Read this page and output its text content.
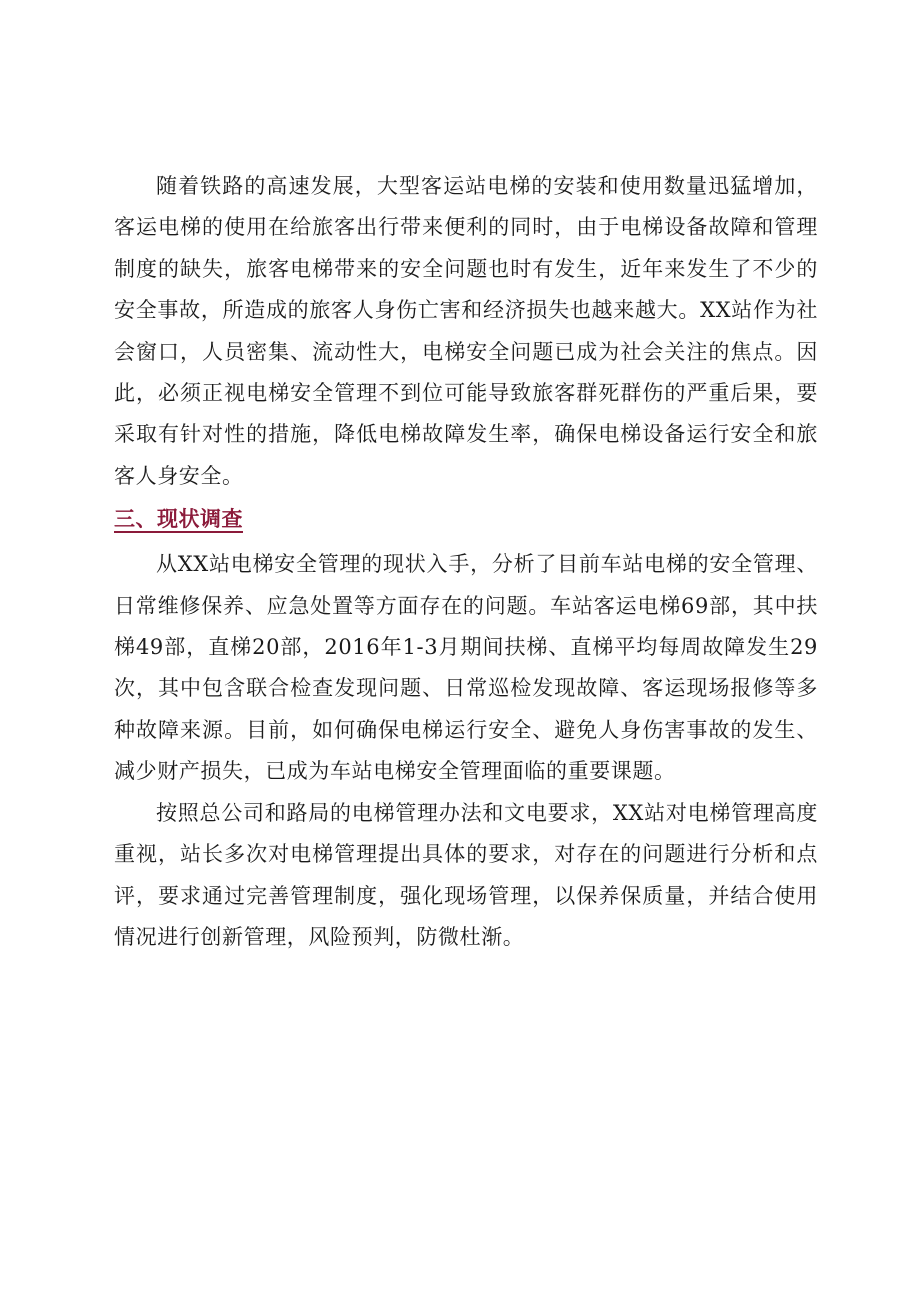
随着铁路的高速发展，大型客运站电梯的安装和使用数量迅猛增加，客运电梯的使用在给旅客出行带来便利的同时，由于电梯设备故障和管理制度的缺失，旅客电梯带来的安全问题也时有发生，近年来发生了不少的安全事故，所造成的旅客人身伤亡害和经济损失也越来越大。XX站作为社会窗口，人员密集、流动性大，电梯安全问题已成为社会关注的焦点。因此，必须正视电梯安全管理不到位可能导致旅客群死群伤的严重后果，要采取有针对性的措施，降低电梯故障发生率，确保电梯设备运行安全和旅客人身安全。

三、现状调查

从XX站电梯安全管理的现状入手，分析了目前车站电梯的安全管理、日常维修保养、应急处置等方面存在的问题。车站客运电梯69部，其中扶梯49部，直梯20部，2016年1-3月期间扶梯、直梯平均每周故障发生29次，其中包含联合检查发现问题、日常巡检发现故障、客运现场报修等多种故障来源。目前，如何确保电梯运行安全、避免人身伤害事故的发生、减少财产损失，已成为车站电梯安全管理面临的重要课题。

按照总公司和路局的电梯管理办法和文电要求，XX站对电梯管理高度重视，站长多次对电梯管理提出具体的要求，对存在的问题进行分析和点评，要求通过完善管理制度，强化现场管理，以保养保质量，并结合使用情况进行创新管理，风险预判，防微杜渐。
